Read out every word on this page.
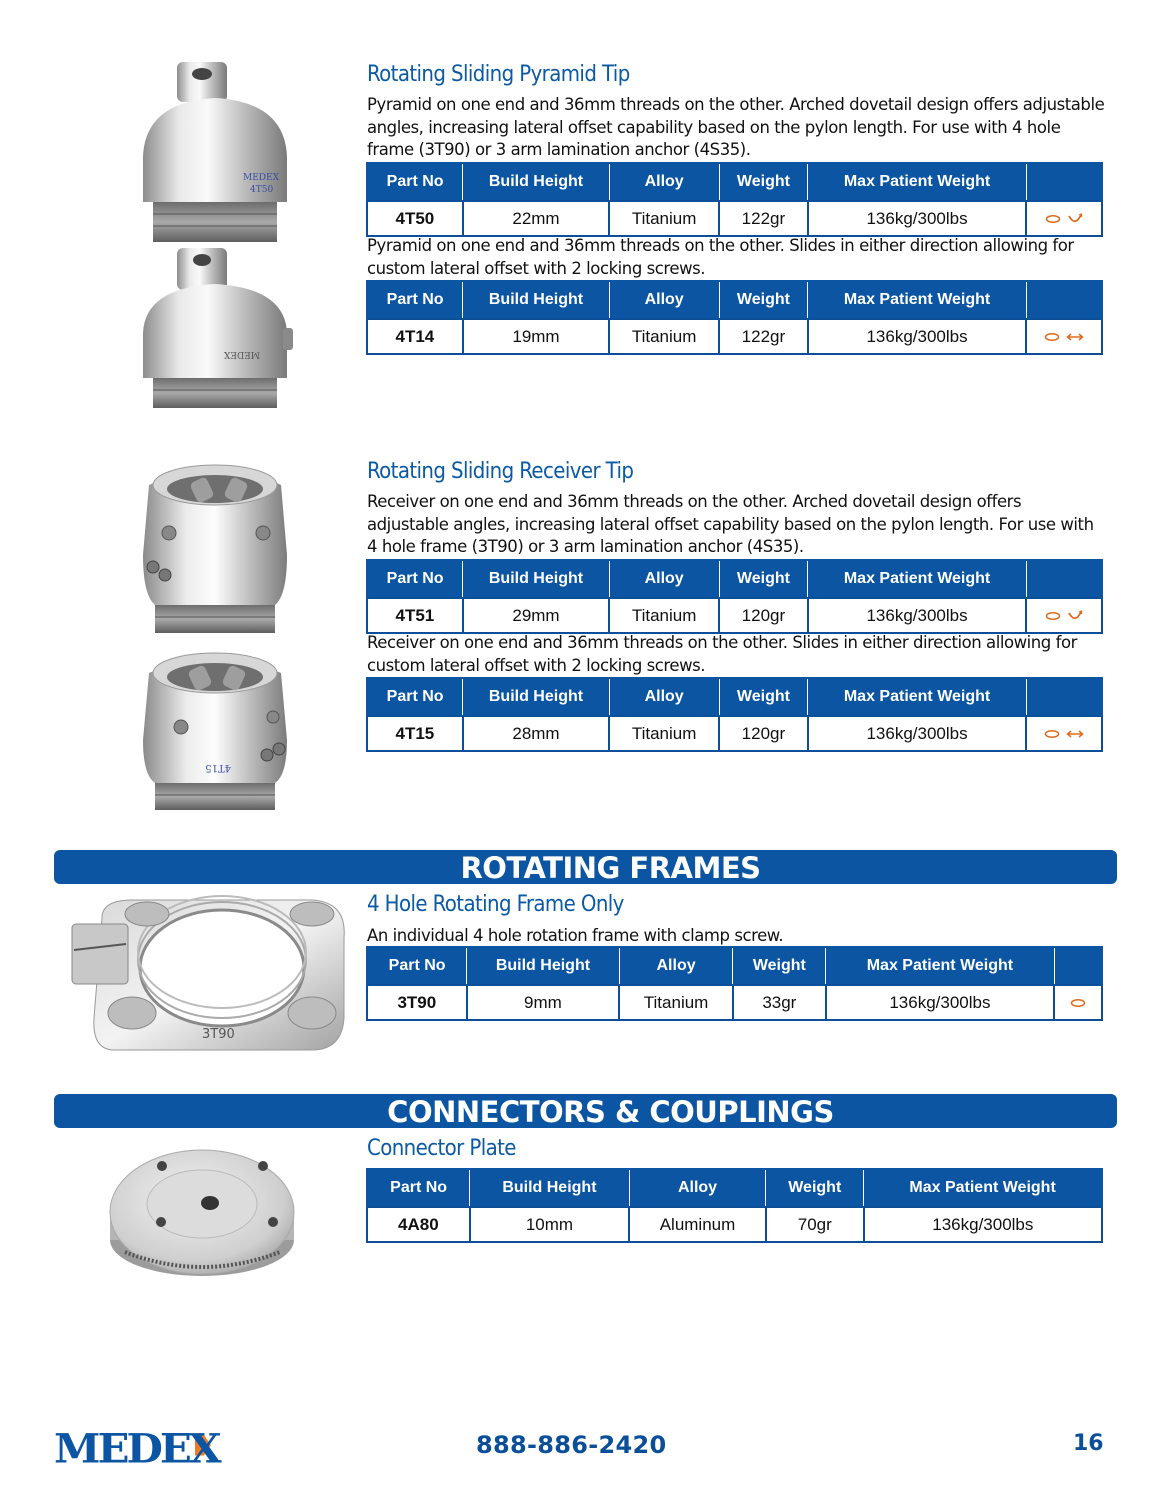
MEDEX
4T50
MEDEX
Rotating Sliding Pyramid Tip
Pyramid on one end and 36mm threads on the other. Arched dovetail design offers adjustable angles, increasing lateral offset capability based on the pylon length. For use with 4 hole frame (3T90) or 3 arm lamination anchor (4S35).
Part No	Build Height	Alloy	Weight	Max Patient Weight	
4T50	22mm	Titanium	122gr	136kg/300lbs	
Pyramid on one end and 36mm threads on the other. Slides in either direction allowing for custom lateral offset with 2 locking screws.
Part No	Build Height	Alloy	Weight	Max Patient Weight	
4T14	19mm	Titanium	122gr	136kg/300lbs	
4T15
Rotating Sliding Receiver Tip
Receiver on one end and 36mm threads on the other. Arched dovetail design offers adjustable angles, increasing lateral offset capability based on the pylon length. For use with 4 hole frame (3T90) or 3 arm lamination anchor (4S35).
Part No	Build Height	Alloy	Weight	Max Patient Weight	
4T51	29mm	Titanium	120gr	136kg/300lbs	
Receiver on one end and 36mm threads on the other. Slides in either direction allowing for custom lateral offset with 2 locking screws.
Part No	Build Height	Alloy	Weight	Max Patient Weight	
4T15	28mm	Titanium	120gr	136kg/300lbs	
ROTATING FRAMES
3T90
4 Hole Rotating Frame Only
An individual 4 hole rotation frame with clamp screw.
Part No	Build Height	Alloy	Weight	Max Patient Weight	
3T90	9mm	Titanium	33gr	136kg/300lbs	
CONNECTORS & COUPLINGS
Connector Plate
Part No	Build Height	Alloy	Weight	Max Patient Weight
4A80	10mm	Aluminum	70gr	136kg/300lbs
MEDEX	888-886-2420	16
